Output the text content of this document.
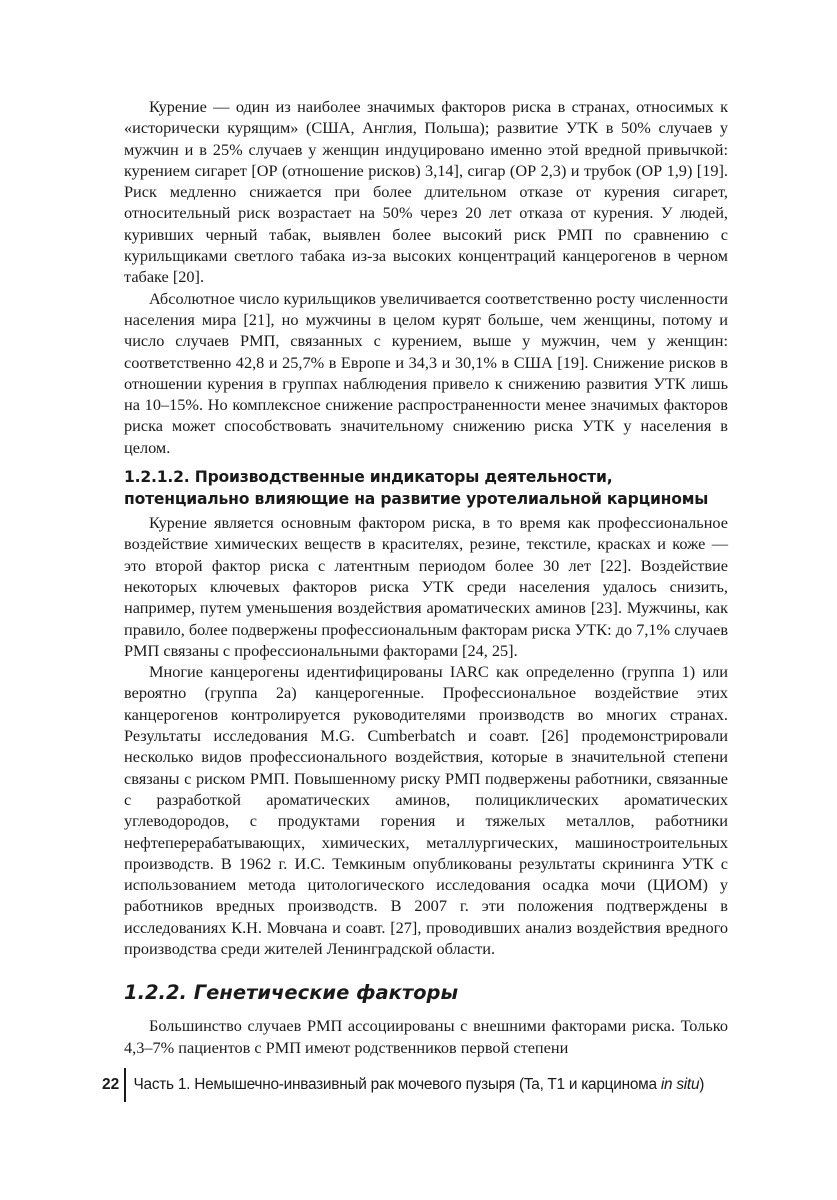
Курение — один из наиболее значимых факторов риска в странах, относимых к «исторически курящим» (США, Англия, Польша); развитие УТК в 50% случаев у мужчин и в 25% случаев у женщин индуцировано именно этой вредной привычкой: курением сигарет [ОР (отношение рисков) 3,14], сигар (ОР 2,3) и трубок (ОР 1,9) [19]. Риск медленно снижается при более длительном отказе от курения сигарет, относительный риск возрастает на 50% через 20 лет отказа от курения. У людей, куривших черный табак, выявлен более высокий риск РМП по сравнению с курильщиками светлого табака из-за высоких концентраций канцерогенов в черном табаке [20].

Абсолютное число курильщиков увеличивается соответственно росту численности населения мира [21], но мужчины в целом курят больше, чем женщины, потому и число случаев РМП, связанных с курением, выше у мужчин, чем у женщин: соответственно 42,8 и 25,7% в Европе и 34,3 и 30,1% в США [19]. Снижение рисков в отношении курения в группах наблюдения привело к снижению развития УТК лишь на 10–15%. Но комплексное снижение распространенности менее значимых факторов риска может способствовать значительному снижению риска УТК у населения в целом.

1.2.1.2. Производственные индикаторы деятельности, потенциально влияющие на развитие уротелиальной карциномы

Курение является основным фактором риска, в то время как профессиональное воздействие химических веществ в красителях, резине, текстиле, красках и коже — это второй фактор риска с латентным периодом более 30 лет [22]. Воздействие некоторых ключевых факторов риска УТК среди населения удалось снизить, например, путем уменьшения воздействия ароматических аминов [23]. Мужчины, как правило, более подвержены профессиональным факторам риска УТК: до 7,1% случаев РМП связаны с профессиональными факторами [24, 25].

Многие канцерогены идентифицированы IARC как определенно (группа 1) или вероятно (группа 2а) канцерогенные. Профессиональное воздействие этих канцерогенов контролируется руководителями производств во многих странах. Результаты исследования M.G. Cumberbatch и соавт. [26] продемонстрировали несколько видов профессионального воздействия, которые в значительной степени связаны с риском РМП. Повышенному риску РМП подвержены работники, связанные с разработкой ароматических аминов, полициклических ароматических углеводородов, с продуктами горения и тяжелых металлов, работники нефтеперерабатывающих, химических, металлургических, машиностроительных производств. В 1962 г. И.С. Темкиным опубликованы результаты скрининга УТК с использованием метода цитологического исследования осадка мочи (ЦИОМ) у работников вредных производств. В 2007 г. эти положения подтверждены в исследованиях К.Н. Мовчана и соавт. [27], проводивших анализ воздействия вредного производства среди жителей Ленинградской области.

1.2.2. Генетические факторы

Большинство случаев РМП ассоциированы с внешними факторами риска. Только 4,3–7% пациентов с РМП имеют родственников первой степени

22 Часть 1. Немышечно-инвазивный рак мочевого пузыря (Ta, T1 и карцинома in situ)
